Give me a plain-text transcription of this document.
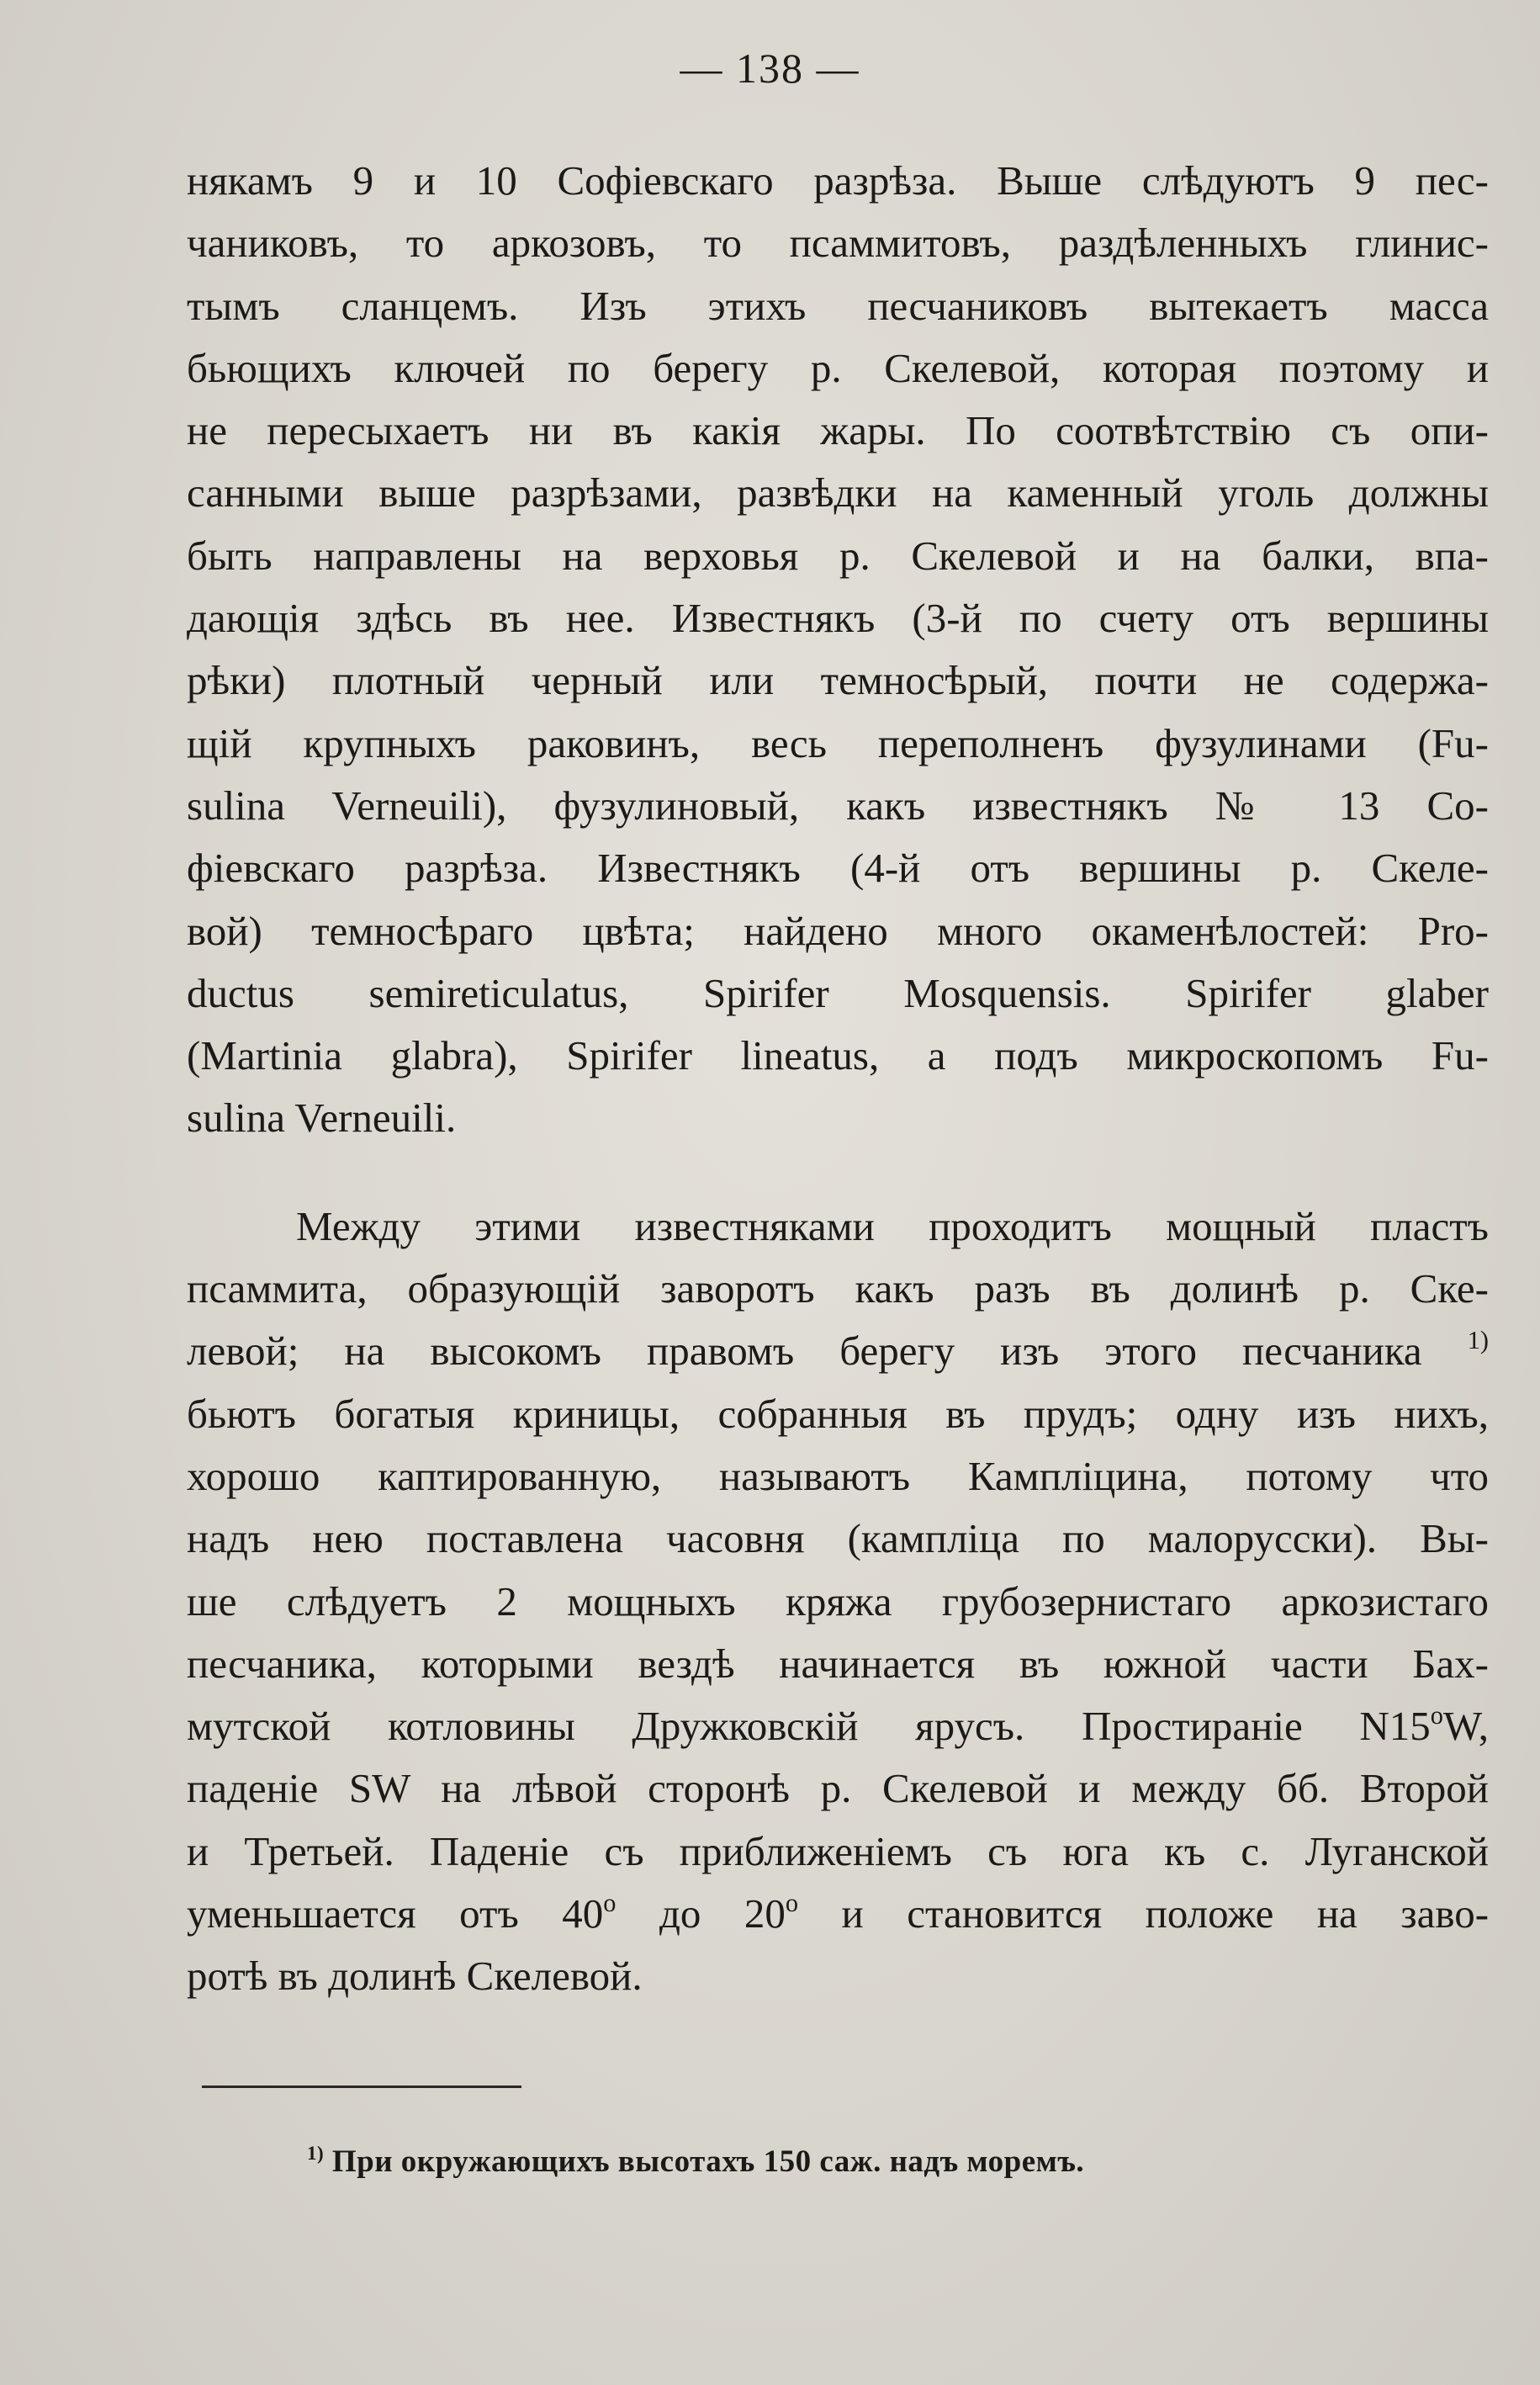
— 138 —
някамъ 9 и 10 Софіевскаго разрѣза. Выше слѣдуютъ 9 пес-
чаниковъ, то аркозовъ, то псаммитовъ, раздѣленныхъ глинис-
тымъ сланцемъ. Изъ этихъ песчаниковъ вытекаетъ масса
бьющихъ ключей по берегу р. Скелевой, которая поэтому и
не пересыхаетъ ни въ какія жары. По соотвѣтствію съ опи-
санными выше разрѣзами, развѣдки на каменный уголь должны
быть направлены на верховья р. Скелевой и на балки, впа-
дающія здѣсь въ нее. Известнякъ (3-й по счету отъ вершины
рѣки) плотный черный или темносѣрый, почти не содержа-
щій крупныхъ раковинъ, весь переполненъ фузулинами (Fu-
sulina Verneuili), фузулиновый, какъ известнякъ № 13 Со-
фіевскаго разрѣза. Известнякъ (4-й отъ вершины р. Скеле-
вой) темносѣраго цвѣта; найдено много окаменѣлостей: Pro-
ductus semireticulatus, Spirifer Mosquensis. Spirifer glaber
(Martinia glabra), Spirifer lineatus, а подъ микроскопомъ Fu-
sulina Verneuili.
Между этими известняками проходитъ мощный пластъ
псаммита, образующій заворотъ какъ разъ въ долинѣ р. Ске-
левой; на высокомъ правомъ берегу изъ этого песчаника $^{1)}$
бьютъ богатыя криницы, собранныя въ прудъ; одну изъ нихъ,
хорошо каптированную, называютъ Кампліцина, потому что
надъ нею поставлена часовня (кампліца по малорусски). Вы-
ше слѣдуетъ 2 мощныхъ кряжа грубозернистаго аркозистаго
песчаника, которыми вездѣ начинается въ южной части Бах-
мутской котловины Дружковскій ярусъ. Простираніе N15$^o$W,
паденіе SW на лѣвой сторонѣ р. Скелевой и между бб. Второй
и Третьей. Паденіе съ приближеніемъ съ юга къ с. Луганской
уменьшается отъ 40$^o$ до 20$^o$ и становится положе на заво-
ротѣ въ долинѣ Скелевой.
$^{1)}$ При окружающихъ высотахъ 150 саж. надъ моремъ.
